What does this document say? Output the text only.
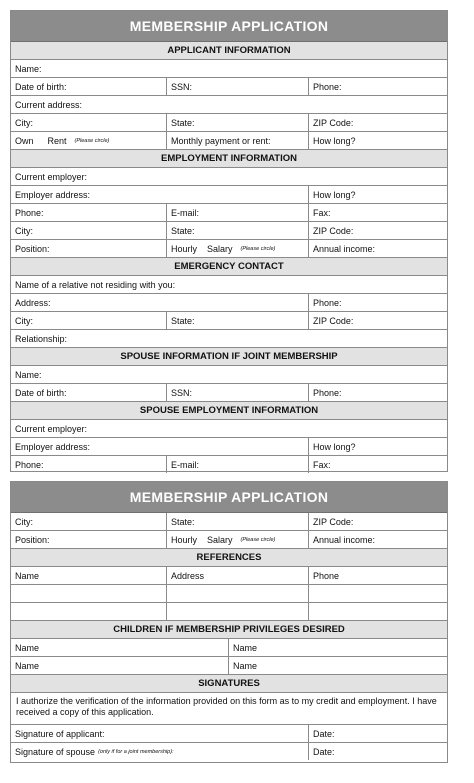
MEMBERSHIP APPLICATION
APPLICANT INFORMATION
Name:
Date of birth:	SSN:	Phone:
Current address:
City:	State:	ZIP Code:
Own Rent (Please circle)	Monthly payment or rent:	How long?
EMPLOYMENT INFORMATION
Current employer:
Employer address:	How long?
Phone:	E-mail:	Fax:
City:	State:	ZIP Code:
Position:	Hourly Salary (Please circle)	Annual income:
EMERGENCY CONTACT
Name of a relative not residing with you:
Address:	Phone:
City:	State:	ZIP Code:
Relationship:
SPOUSE INFORMATION IF JOINT MEMBERSHIP
Name:
Date of birth:	SSN:	Phone:
SPOUSE EMPLOYMENT INFORMATION
Current employer:
Employer address:	How long?
Phone:	E-mail:	Fax:
MEMBERSHIP APPLICATION
City:	State:	ZIP Code:
Position:	Hourly Salary (Please circle)	Annual income:
REFERENCES
Name	Address	Phone
CHILDREN IF MEMBERSHIP PRIVILEGES DESIRED
Name	Name
Name	Name
SIGNATURES
I authorize the verification of the information provided on this form as to my credit and employment. I have received a copy of this application.
Signature of applicant:	Date:
Signature of spouse (only if for a joint membership):	Date:
